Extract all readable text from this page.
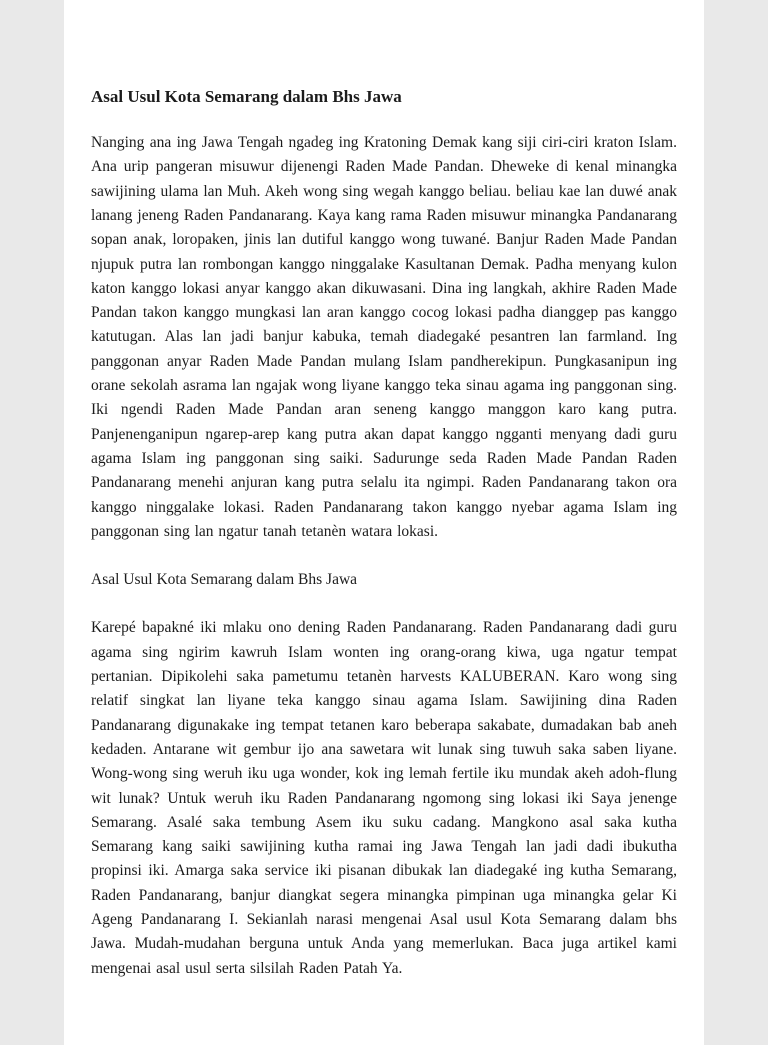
Asal Usul Kota Semarang dalam Bhs Jawa

Nanging ana ing Jawa Tengah ngadeg ing Kratoning Demak kang siji ciri-ciri kraton Islam. Ana urip pangeran misuwur dijenengi Raden Made Pandan. Dheweke di kenal minangka sawijining ulama lan Muh. Akeh wong sing wegah kanggo beliau. beliau kae lan duwé anak lanang jeneng Raden Pandanarang. Kaya kang rama Raden misuwur minangka Pandanarang sopan anak, loropaken, jinis lan dutiful kanggo wong tuwané. Banjur Raden Made Pandan njupuk putra lan rombongan kanggo ninggalake Kasultanan Demak. Padha menyang kulon katon kanggo lokasi anyar kanggo akan dikuwasani. Dina ing langkah, akhire Raden Made Pandan takon kanggo mungkasi lan aran kanggo cocog lokasi padha dianggep pas kanggo katutugan. Alas lan jadi banjur kabuka, temah diadegaké pesantren lan farmland. Ing panggonan anyar Raden Made Pandan mulang Islam pandherekipun. Pungkasanipun ing orane sekolah asrama lan ngajak wong liyane kanggo teka sinau agama ing panggonan sing. Iki ngendi Raden Made Pandan aran seneng kanggo manggon karo kang putra. Panjenenganipun ngarep-arep kang putra akan dapat kanggo ngganti menyang dadi guru agama Islam ing panggonan sing saiki. Sadurunge seda Raden Made Pandan Raden Pandanarang menehi anjuran kang putra selalu ita ngimpi. Raden Pandanarang takon ora kanggo ninggalake lokasi. Raden Pandanarang takon kanggo nyebar agama Islam ing panggonan sing lan ngatur tanah tetanèn watara lokasi.

Asal Usul Kota Semarang dalam Bhs Jawa

Karepé bapakné iki mlaku ono dening Raden Pandanarang. Raden Pandanarang dadi guru agama sing ngirim kawruh Islam wonten ing orang-orang kiwa, uga ngatur tempat pertanian. Dipikolehi saka pametumu tetanèn harvests KALUBERAN. Karo wong sing relatif singkat lan liyane teka kanggo sinau agama Islam. Sawijining dina Raden Pandanarang digunakake ing tempat tetanen karo beberapa sakabate, dumadakan bab aneh kedaden. Antarane wit gembur ijo ana sawetara wit lunak sing tuwuh saka saben liyane. Wong-wong sing weruh iku uga wonder, kok ing lemah fertile iku mundak akeh adoh-flung wit lunak? Untuk weruh iku Raden Pandanarang ngomong sing lokasi iki Saya jenenge Semarang. Asalé saka tembung Asem iku suku cadang. Mangkono asal saka kutha Semarang kang saiki sawijining kutha ramai ing Jawa Tengah lan jadi dadi ibukutha propinsi iki. Amarga saka service iki pisanan dibukak lan diadegaké ing kutha Semarang, Raden Pandanarang, banjur diangkat segera minangka pimpinan uga minangka gelar Ki Ageng Pandanarang I. Sekianlah narasi mengenai Asal usul Kota Semarang dalam bhs Jawa. Mudah-mudahan berguna untuk Anda yang memerlukan. Baca juga artikel kami mengenai asal usul serta silsilah Raden Patah Ya.
